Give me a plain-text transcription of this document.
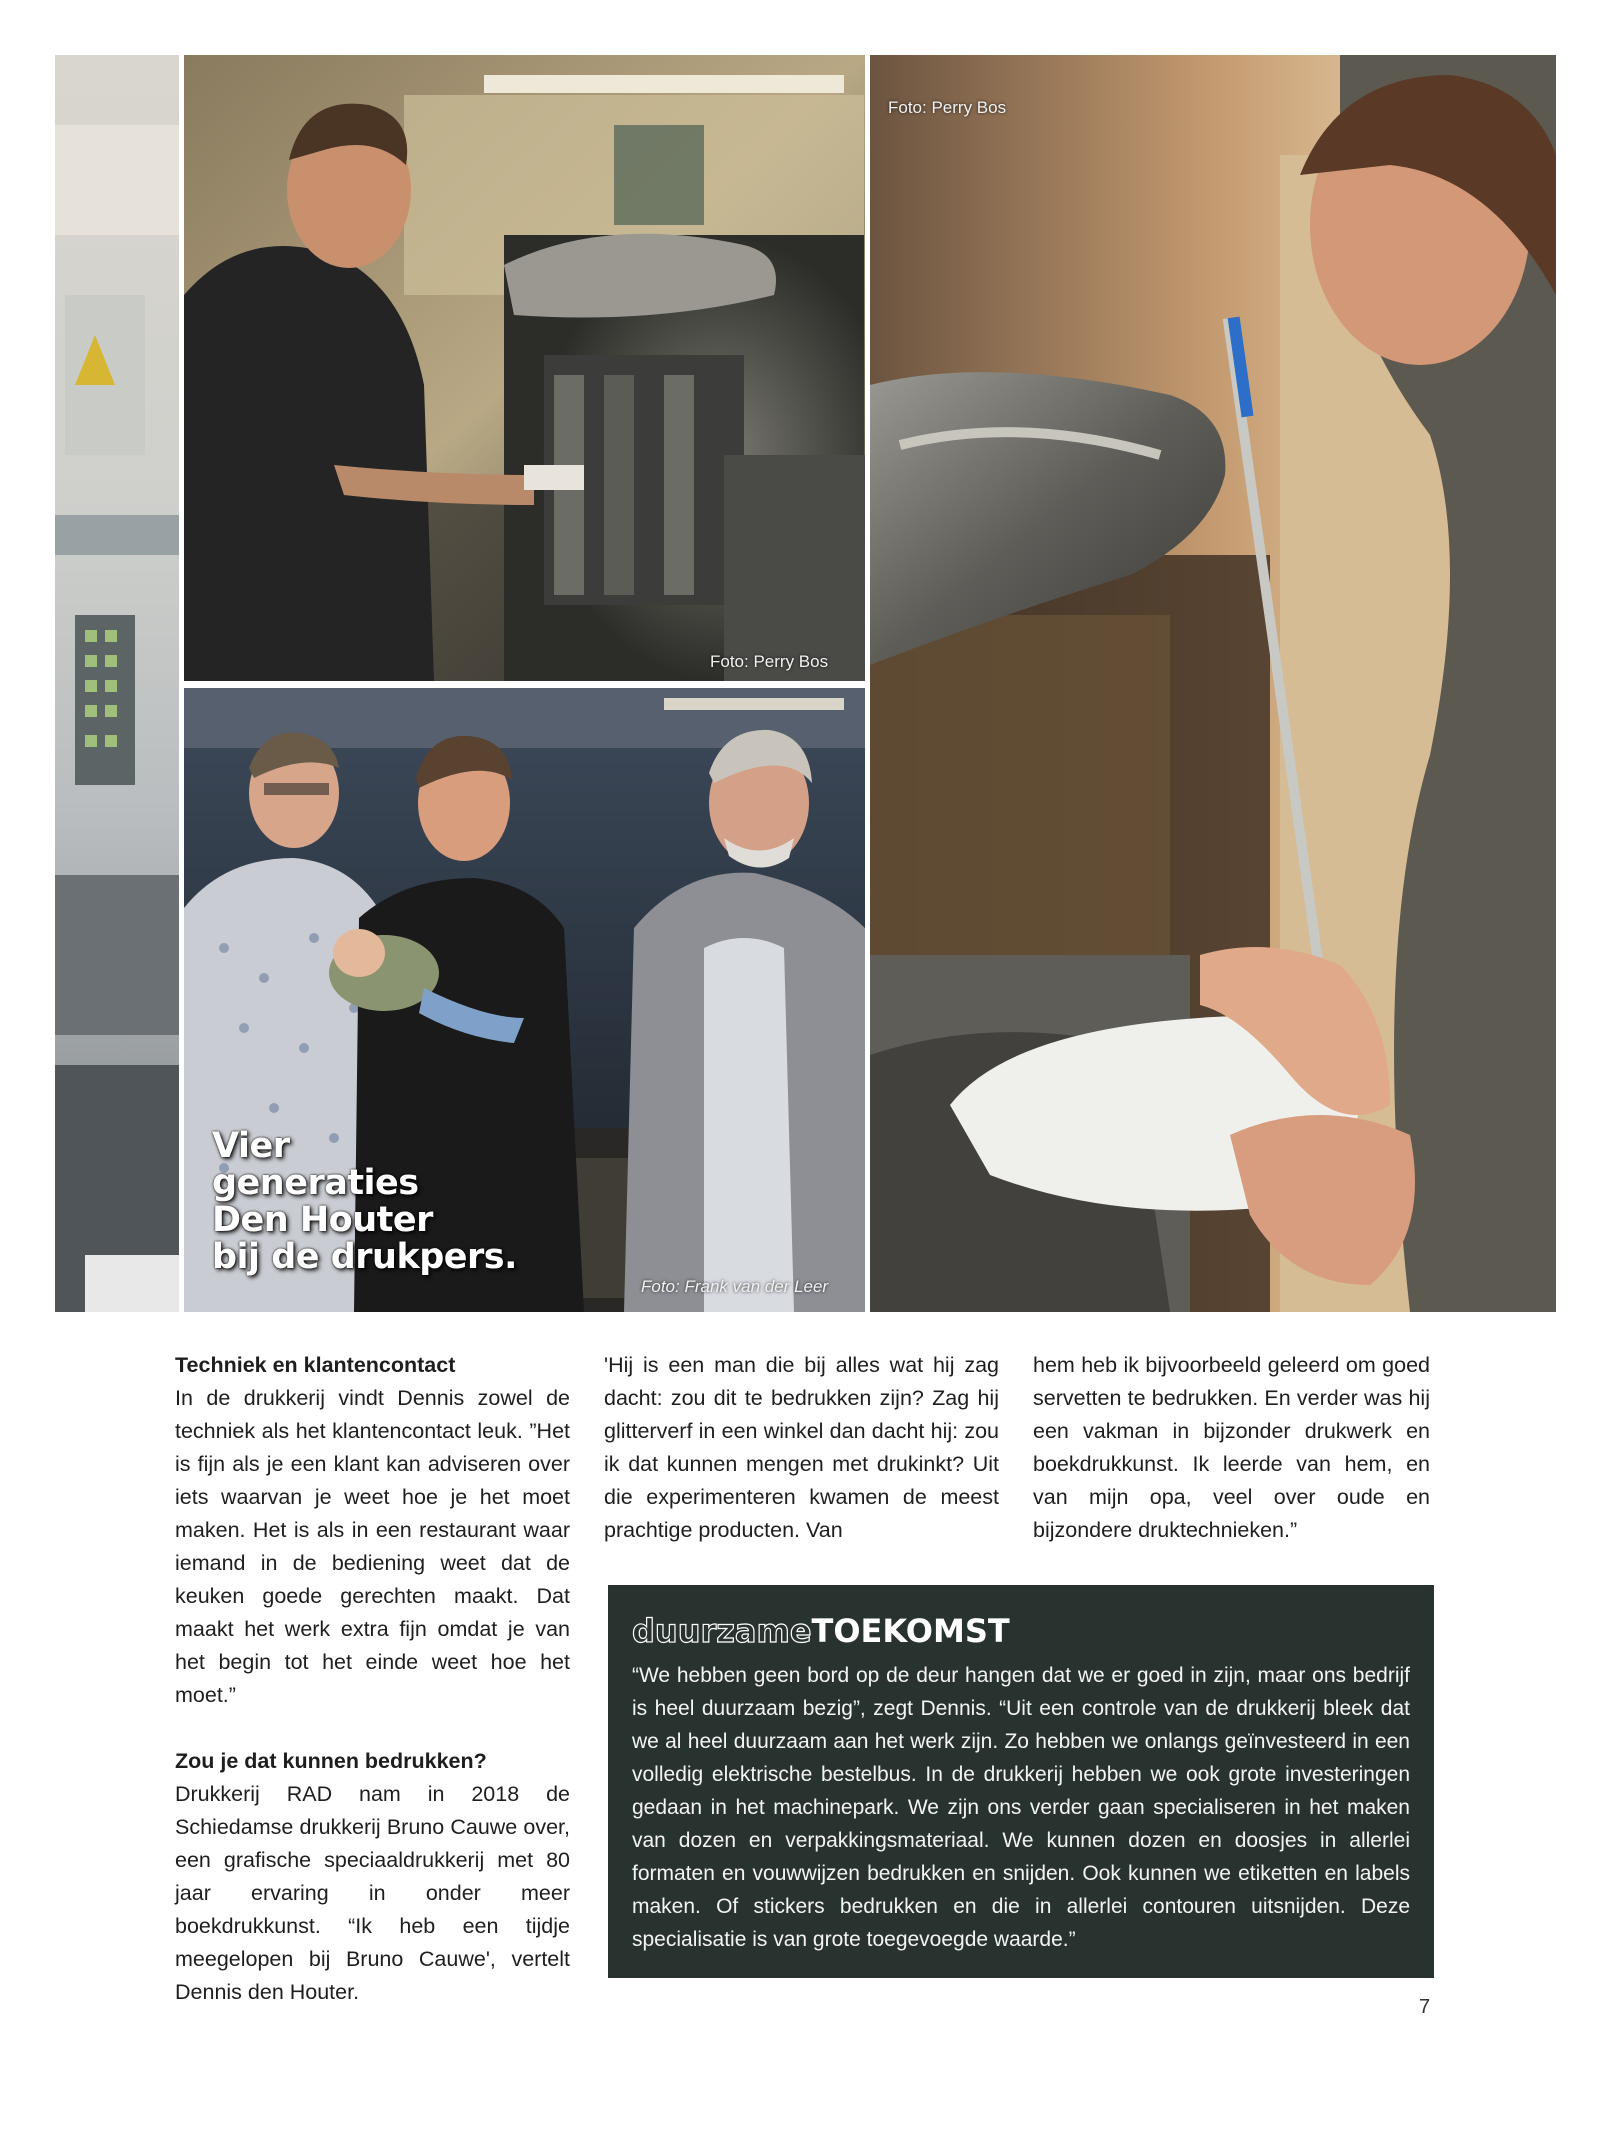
Foto: Perry Bos
Vier
generaties
Den Houter
bij de drukpers.
Foto: Frank van der Leer
Foto: Perry Bos

Techniek en klantencontact

In de drukkerij vindt Dennis zowel de techniek als het klantencontact leuk. ”Het is fijn als je een klant kan adviseren over iets waarvan je weet hoe je het moet maken. Het is als in een restaurant waar iemand in de bediening weet dat de keuken goede gerechten maakt. Dat maakt het werk extra fijn omdat je van het begin tot het einde weet hoe het moet.”

Zou je dat kunnen bedrukken?

Drukkerij RAD nam in 2018 de Schiedamse drukkerij Bruno Cauwe over, een grafische speciaaldrukkerij met 80 jaar ervaring in onder meer boekdrukkunst. “Ik heb een tijdje meegelopen bij Bruno Cauwe', vertelt Dennis den Houter.

'Hij is een man die bij alles wat hij zag dacht: zou dit te bedrukken zijn? Zag hij glitterverf in een winkel dan dacht hij: zou ik dat kunnen mengen met drukinkt? Uit die experimenteren kwamen de meest prachtige producten. Van

hem heb ik bijvoorbeeld geleerd om goed servetten te bedrukken. En verder was hij een vakman in bijzonder drukwerk en boekdrukkunst. Ik leerde van hem, en van mijn opa, veel over oude en bijzondere druktechnieken.”

duurzameTOEKOMST

“We hebben geen bord op de deur hangen dat we er goed in zijn, maar ons bedrijf is heel duurzaam bezig”, zegt Dennis. “Uit een controle van de drukkerij bleek dat we al heel duurzaam aan het werk zijn. Zo hebben we onlangs geïnvesteerd in een volledig elektrische bestelbus. In de drukkerij hebben we ook grote investeringen gedaan in het machinepark. We zijn ons verder gaan specialiseren in het maken van dozen en verpakkingsmateriaal. We kunnen dozen en doosjes in allerlei formaten en vouwwijzen bedrukken en snijden. Ook kunnen we etiketten en labels maken. Of stickers bedrukken en die in allerlei contouren uitsnijden. Deze specialisatie is van grote toegevoegde waarde.”

7
